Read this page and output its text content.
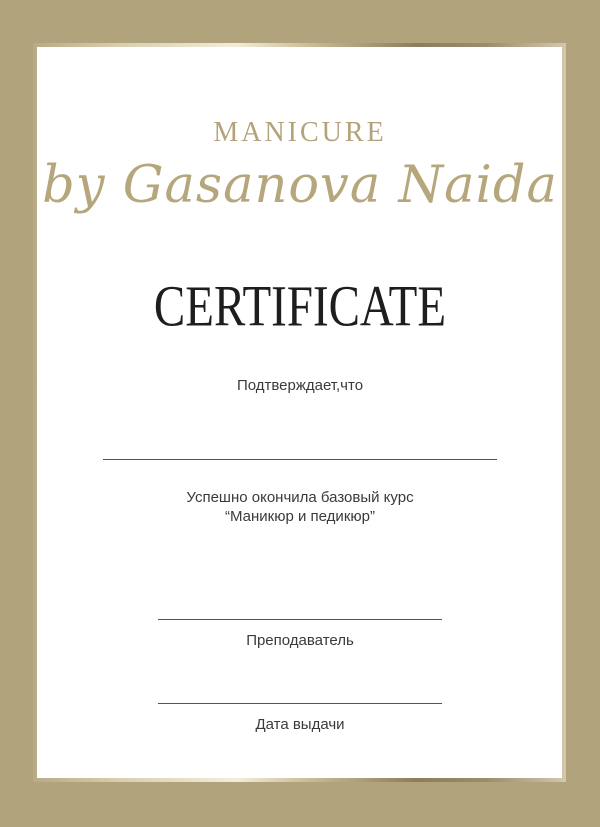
MANICURE
by Gasanova Naida
CERTIFICATE
Подтверждает,что
Успешно окончила базовый курс
“Маникюр и педикюр”
Преподаватель
Дата выдачи
